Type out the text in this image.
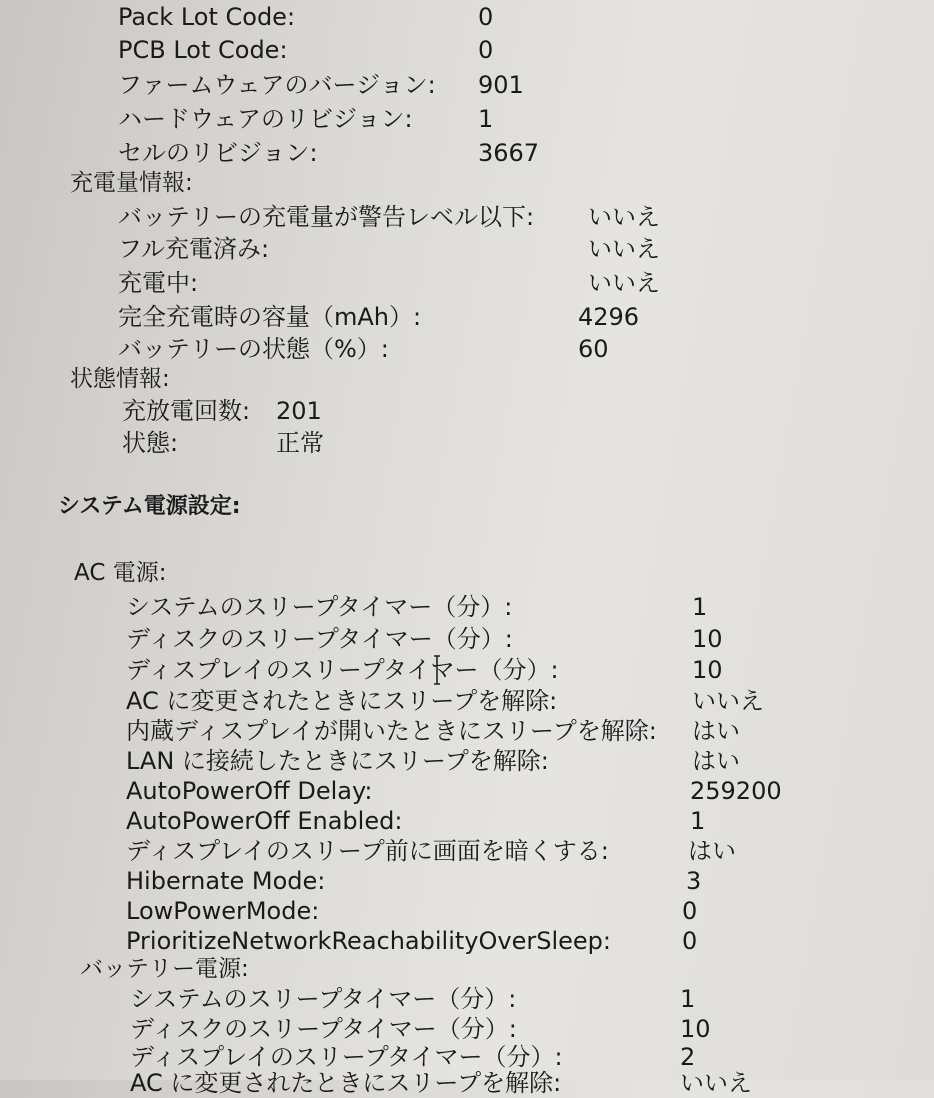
Pack Lot Code:	0
PCB Lot Code:	0
ファームウェアのバージョン: 901
ハードウェアのリビジョン:	1
セルのリビジョン:	3667
充電量情報:
バッテリーの充電量が警告レベル以下: いいえ
フル充電済み:	いいえ
充電中:	いいえ
完全充電時の容量（mAh）:	4296
バッテリーの状態（%）:	60
状態情報:
充放電回数: 201
状態:	正常
システム電源設定:
AC 電源:
システムのスリープタイマー（分）:	1
ディスクのスリープタイマー（分）:	10
ディスプレイのスリープタイマー（分）:	10
AC に変更されたときにスリープを解除:	いいえ
内蔵ディスプレイが開いたときにスリープを解除: はい
LAN に接続したときにスリープを解除:	はい
AutoPowerOff Delay:	259200
AutoPowerOff Enabled:	1
ディスプレイのスリープ前に画面を暗くする:	はい
Hibernate Mode:	3
LowPowerMode:	0
PrioritizeNetworkReachabilityOverSleep:	0
バッテリー電源:
システムのスリープタイマー（分）:	1
ディスクのスリープタイマー（分）:	10
ディスプレイのスリープタイマー（分）:	2
AC に変更されたときにスリープを解除:	いいえ
